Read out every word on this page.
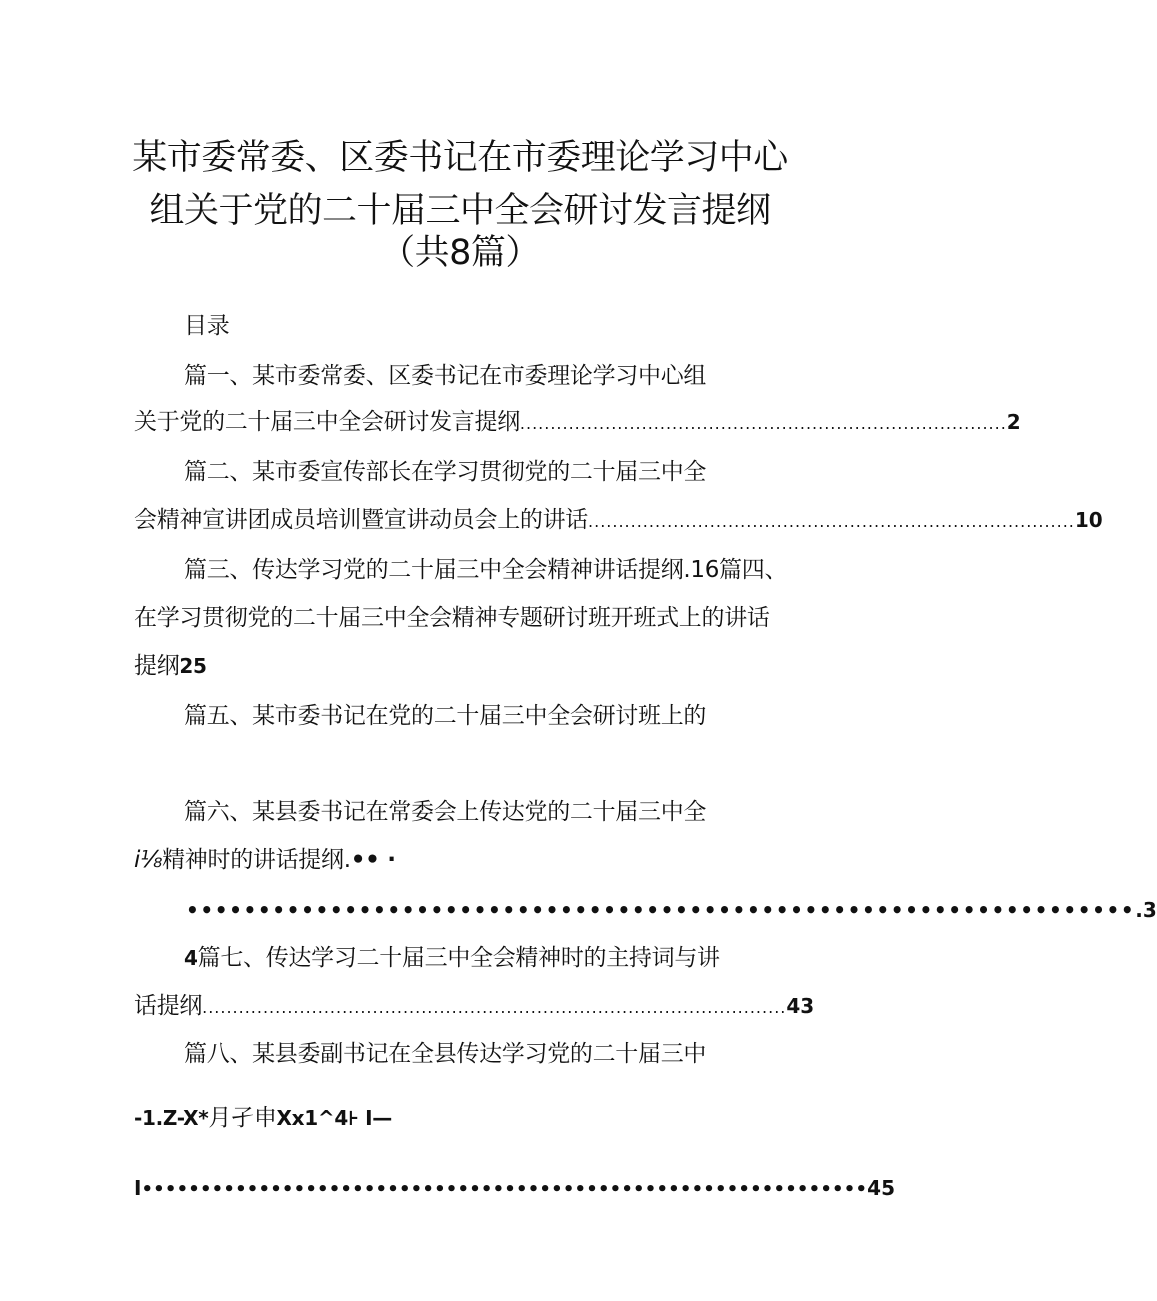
某市委常委、区委书记在市委理论学习中心
组关于党的二十届三中全会研讨发言提纲
（共8篇）
目录
篇一、某市委常委、区委书记在市委理论学习中心组
关于党的二十届三中全会研讨发言提纲 ................................................................................ 2
篇二、某市委宣传部长在学习贯彻党的二十届三中全
会精神宣讲团成员培训暨宣讲动员会上的讲话 ................................................................................ 10
篇三、传达学习党的二十届三中全会精神讲话提纲.16篇四、
在学习贯彻党的二十届三中全会精神专题研讨班开班式上的讲话
提纲25
篇五、某市委书记在党的二十届三中全会研讨班上的
篇六、某县委书记在常委会上传达党的二十届三中全
i⅛精神时的讲话提纲.•• ·
•••••••••••••••••••••••••••••••••••••••••••••••••••••••••••••••••• .3
4篇七、传达学习二十届三中全会精神时的主持词与讲
话提纲 ................................................................................................ 43
篇八、某县委副书记在全县传达学习党的二十届三中
-1.Z-X*月孑申Xx1^4⊦ I—
I •••••••••••••••••••••••••••••••••••••••••••••••••••••••••••••• 45
